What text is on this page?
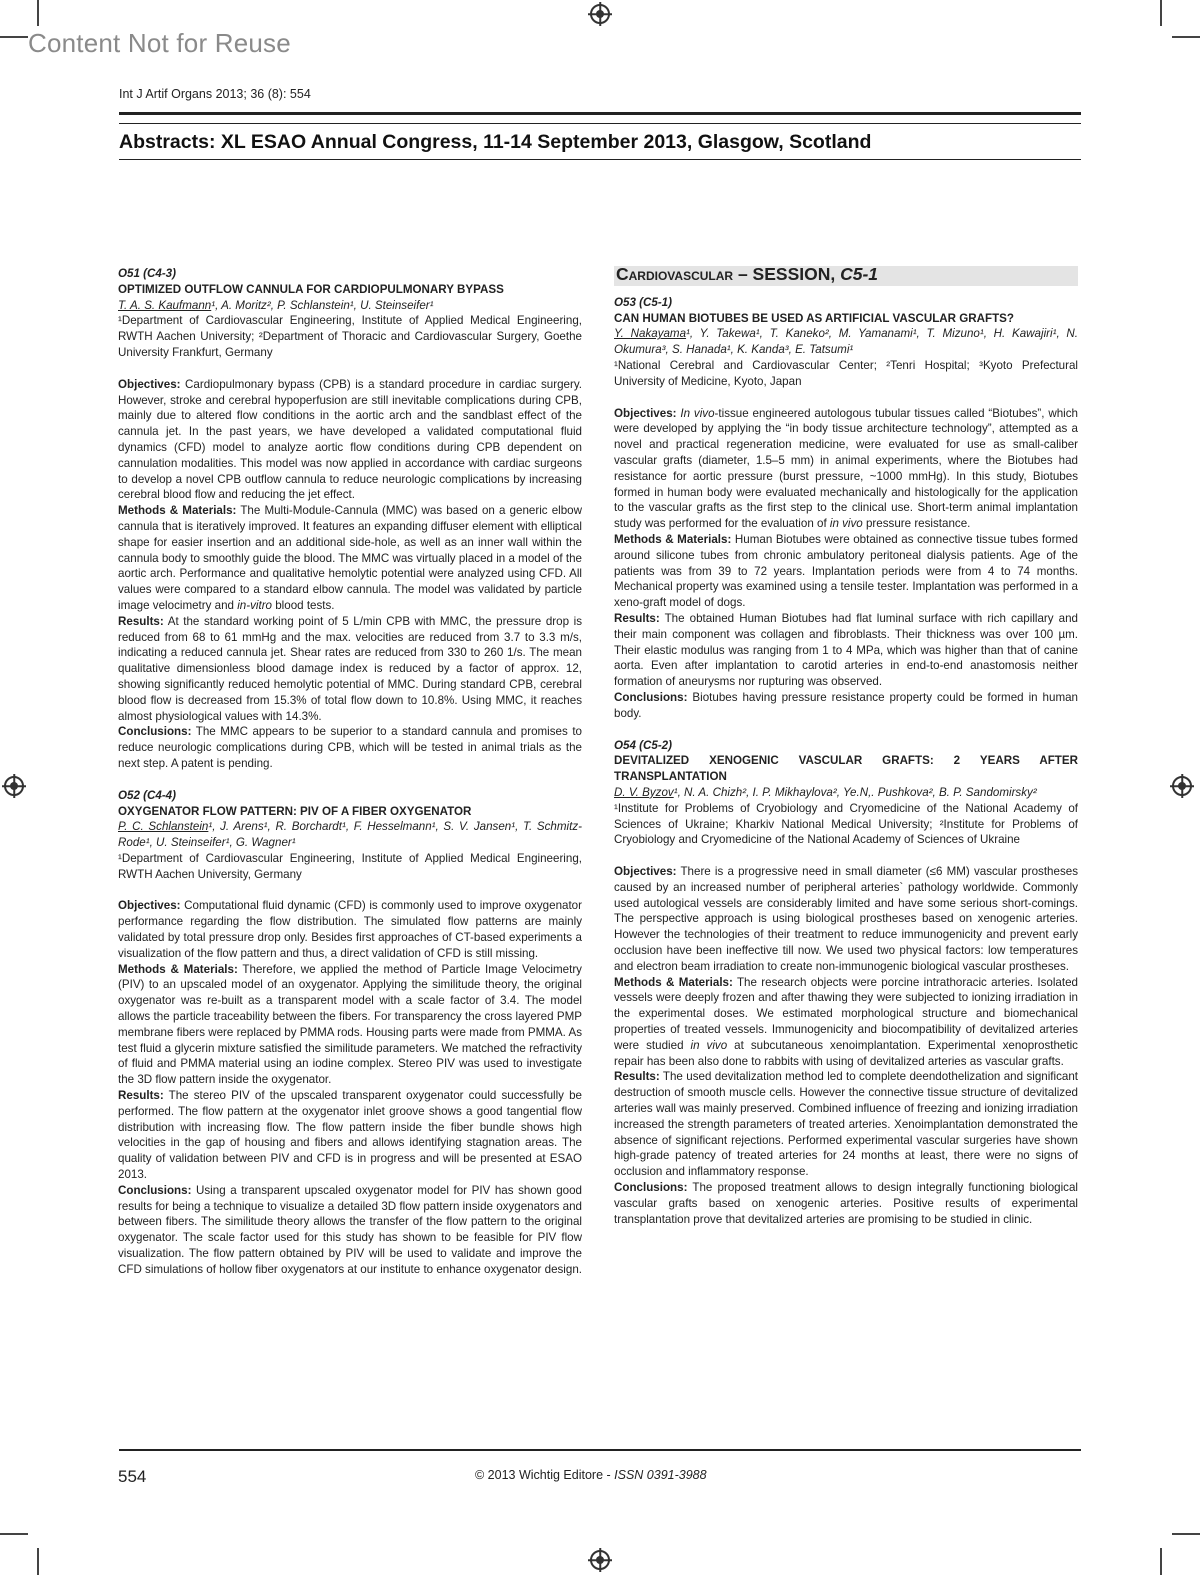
Content Not for Reuse
Int J Artif Organs 2013; 36 (8): 554
Abstracts: XL ESAO Annual Congress, 11-14 September 2013, Glasgow, Scotland
O51 (C4-3)
OPTIMIZED OUTFLOW CANNULA FOR CARDIOPULMONARY BYPASS
T. A. S. Kaufmann¹, A. Moritz², P. Schlanstein¹, U. Steinseifer¹
¹Department of Cardiovascular Engineering, Institute of Applied Medical Engineering, RWTH Aachen University; ²Department of Thoracic and Cardiovascular Surgery, Goethe University Frankfurt, Germany

Objectives: Cardiopulmonary bypass (CPB) is a standard procedure in cardiac surgery. However, stroke and cerebral hypoperfusion are still inevitable complications during CPB, mainly due to altered flow conditions in the aortic arch and the sandblast effect of the cannula jet. In the past years, we have developed a validated computational fluid dynamics (CFD) model to analyze aortic flow conditions during CPB dependent on cannulation modalities. This model was now applied in accordance with cardiac surgeons to develop a novel CPB outflow cannula to reduce neurologic complications by increasing cerebral blood flow and reducing the jet effect.

Methods & Materials: The Multi-Module-Cannula (MMC) was based on a generic elbow cannula that is iteratively improved. It features an expanding diffuser element with elliptical shape for easier insertion and an additional side-hole, as well as an inner wall within the cannula body to smoothly guide the blood. The MMC was virtually placed in a model of the aortic arch. Performance and qualitative hemolytic potential were analyzed using CFD. All values were compared to a standard elbow cannula. The model was validated by particle image velocimetry and in-vitro blood tests.

Results: At the standard working point of 5 L/min CPB with MMC, the pressure drop is reduced from 68 to 61 mmHg and the max. velocities are reduced from 3.7 to 3.3 m/s, indicating a reduced cannula jet. Shear rates are reduced from 330 to 260 1/s. The mean qualitative dimensionless blood damage index is reduced by a factor of approx. 12, showing significantly reduced hemolytic potential of MMC. During standard CPB, cerebral blood flow is decreased from 15.3% of total flow down to 10.8%. Using MMC, it reaches almost physiological values with 14.3%.

Conclusions: The MMC appears to be superior to a standard cannula and promises to reduce neurologic complications during CPB, which will be tested in animal trials as the next step. A patent is pending.

O52 (C4-4)
OXYGENATOR FLOW PATTERN: PIV OF A FIBER OXYGENATOR
P. C. Schlanstein¹, J. Arens¹, R. Borchardt¹, F. Hesselmann¹, S. V. Jansen¹, T. Schmitz-Rode¹, U. Steinseifer¹, G. Wagner¹
¹Department of Cardiovascular Engineering, Institute of Applied Medical Engineering, RWTH Aachen University, Germany

Objectives: Computational fluid dynamic (CFD) is commonly used to improve oxygenator performance regarding the flow distribution. The simulated flow patterns are mainly validated by total pressure drop only. Besides first approaches of CT-based experiments a visualization of the flow pattern and thus, a direct validation of CFD is still missing.

Methods & Materials: Therefore, we applied the method of Particle Image Velocimetry (PIV) to an upscaled model of an oxygenator. Applying the similitude theory, the original oxygenator was re-built as a transparent model with a scale factor of 3.4. The model allows the particle traceability between the fibers. For transparency the cross layered PMP membrane fibers were replaced by PMMA rods. Housing parts were made from PMMA. As test fluid a glycerin mixture satisfied the similitude parameters. We matched the refractivity of fluid and PMMA material using an iodine complex. Stereo PIV was used to investigate the 3D flow pattern inside the oxygenator.

Results: The stereo PIV of the upscaled transparent oxygenator could successfully be performed. The flow pattern at the oxygenator inlet groove shows a good tangential flow distribution with increasing flow. The flow pattern inside the fiber bundle shows high velocities in the gap of housing and fibers and allows identifying stagnation areas. The quality of validation between PIV and CFD is in progress and will be presented at ESAO 2013.

Conclusions: Using a transparent upscaled oxygenator model for PIV has shown good results for being a technique to visualize a detailed 3D flow pattern inside oxygenators and between fibers. The similitude theory allows the transfer of the flow pattern to the original oxygenator. The scale factor used for this study has shown to be feasible for PIV flow visualization. The flow pattern obtained by PIV will be used to validate and improve the CFD simulations of hollow fiber oxygenators at our institute to enhance oxygenator design.

Cardiovascular – SESSION, C5-1
O53 (C5-1)
CAN HUMAN BIOTUBES BE USED AS ARTIFICIAL VASCULAR GRAFTS?
Y. Nakayama¹, Y. Takewa¹, T. Kaneko², M. Yamanami¹, T. Mizuno¹, H. Kawajiri¹, N. Okumura³, S. Hanada¹, K. Kanda³, E. Tatsumi¹
¹National Cerebral and Cardiovascular Center; ²Tenri Hospital; ³Kyoto Prefectural University of Medicine, Kyoto, Japan

Objectives: In vivo-tissue engineered autologous tubular tissues called “Biotubes”, which were developed by applying the “in body tissue architecture technology”, attempted as a novel and practical regeneration medicine, were evaluated for use as small-caliber vascular grafts (diameter, 1.5–5 mm) in animal experiments, where the Biotubes had resistance for aortic pressure (burst pressure, ~1000 mmHg). In this study, Biotubes formed in human body were evaluated mechanically and histologically for the application to the vascular grafts as the first step to the clinical use. Short-term animal implantation study was performed for the evaluation of in vivo pressure resistance.

Methods & Materials: Human Biotubes were obtained as connective tissue tubes formed around silicone tubes from chronic ambulatory peritoneal dialysis patients. Age of the patients was from 39 to 72 years. Implantation periods were from 4 to 74 months. Mechanical property was examined using a tensile tester. Implantation was performed in a xeno-graft model of dogs.

Results: The obtained Human Biotubes had flat luminal surface with rich capillary and their main component was collagen and fibroblasts. Their thickness was over 100 µm. Their elastic modulus was ranging from 1 to 4 MPa, which was higher than that of canine aorta. Even after implantation to carotid arteries in end-to-end anastomosis neither formation of aneurysms nor rupturing was observed.

Conclusions: Biotubes having pressure resistance property could be formed in human body.

O54 (C5-2)
DEVITALIZED XENOGENIC VASCULAR GRAFTS: 2 YEARS AFTER TRANSPLANTATION
D. V. Byzov¹, N. A. Chizh², I. P. Mikhaylova², Ye.N,. Pushkova², B. P. Sandomirsky²
¹Institute for Problems of Cryobiology and Cryomedicine of the National Academy of Sciences of Ukraine; Kharkiv National Medical University; ²Institute for Problems of Cryobiology and Cryomedicine of the National Academy of Sciences of Ukraine

Objectives: There is a progressive need in small diameter (≤6 MM) vascular prostheses caused by an increased number of peripheral arteries` pathology worldwide. Commonly used autological vessels are considerably limited and have some serious short-comings. The perspective approach is using biological prostheses based on xenogenic arteries. However the technologies of their treatment to reduce immunogenicity and prevent early occlusion have been ineffective till now. We used two physical factors: low temperatures and electron beam irradiation to create non-immunogenic biological vascular prostheses.

Methods & Materials: The research objects were porcine intrathoracic arteries. Isolated vessels were deeply frozen and after thawing they were subjected to ionizing irradiation in the experimental doses. We estimated morphological structure and biomechanical properties of treated vessels. Immunogenicity and biocompatibility of devitalized arteries were studied in vivo at subcutaneous xenoimplantation. Experimental xenoprosthetic repair has been also done to rabbits with using of devitalized arteries as vascular grafts.

Results: The used devitalization method led to complete deendothelization and significant destruction of smooth muscle cells. However the connective tissue structure of devitalized arteries wall was mainly preserved. Combined influence of freezing and ionizing irradiation increased the strength parameters of treated arteries. Xenoimplantation demonstrated the absence of significant rejections. Performed experimental vascular surgeries have shown high-grade patency of treated arteries for 24 months at least, there were no signs of occlusion and inflammatory response.

Conclusions: The proposed treatment allows to design integrally functioning biological vascular grafts based on xenogenic arteries. Positive results of experimental transplantation prove that devitalized arteries are promising to be studied in clinic.

554	© 2013 Wichtig Editore - ISSN 0391-3988
